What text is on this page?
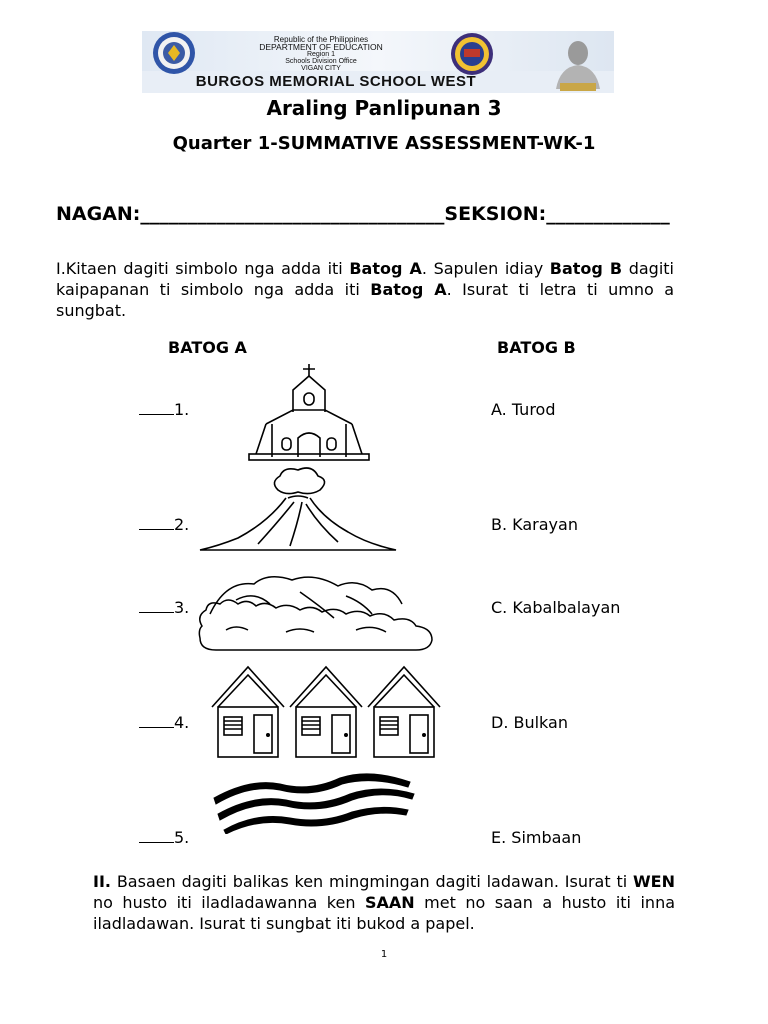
Republic of the Philippines
DEPARTMENT OF EDUCATION
Region 1
Schools Division Office
VIGAN CITY
BURGOS MEMORIAL SCHOOL WEST
Araling Panlipunan 3
Quarter 1-SUMMATIVE ASSESSMENT-WK-1
NAGAN:________________________________SEKSION:_____________
I.Kitaen dagiti simbolo nga adda iti Batog A. Sapulen idiay Batog B dagiti kaipapanan ti simbolo nga adda iti Batog A. Isurat ti letra ti umno a sungbat.
BATOG A	BATOG B
1.
2.
3.
4.
5.
A. Turod
B. Karayan
C. Kabalbalayan
D. Bulkan
E. Simbaan
II. Basaen dagiti balikas ken mingmingan dagiti ladawan. Isurat ti WEN no husto iti iladladawanna ken SAAN met no saan a husto iti inna iladladawan. Isurat ti sungbat iti bukod a papel.
1
